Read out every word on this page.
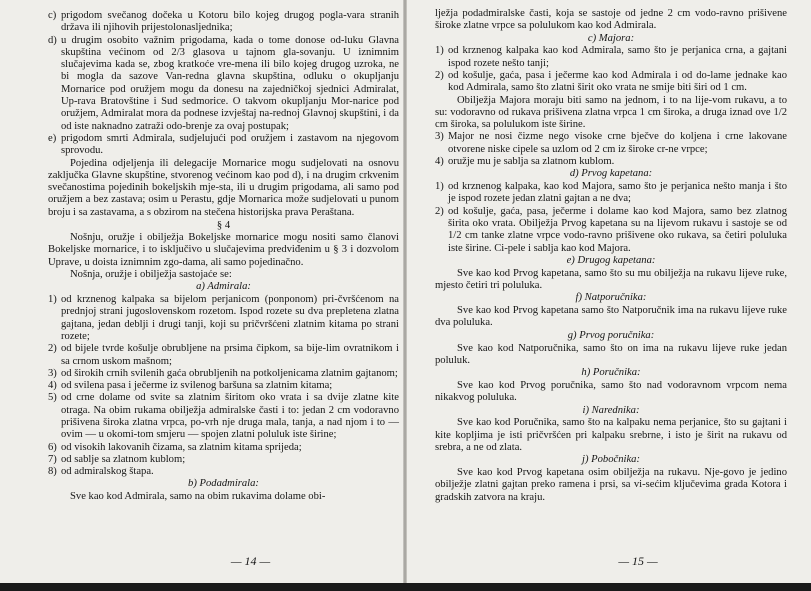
c) prigodom svečanog dočeka u Kotoru bilo kojeg drugog pogla-vara stranih država ili njihovih prijestolonasljednika;
d) u drugim osobito važnim prigodama, kada o tome donose od-luku Glavna skupština većinom od 2/3 glasova u tajnom gla-sovanju. U iznimnim slučajevima kada se, zbog kratkoće vre-mena ili bilo kojeg drugog uzroka, ne bi mogla da sazove Van-redna glavna skupština, odluku o okupljanju Mornarice pod oružjem mogu da donesu na zajedničkoj sjednici Admiralat, Up-rava Bratovštine i Sud sedmorice. O takvom okupljanju Mor-narice pod oružjem, Admiralat mora da podnese izvještaj na-rednoj Glavnoj skupštini, i da od iste naknadno zatraži odo-brenje za ovaj postupak;
e) prigodom smrti Admirala, sudjelujući pod oružjem i zastavom na njegovom sprovodu.

Pojedina odjeljenja ili delegacije Mornarice mogu sudjelovati na osnovu zaključka Glavne skupštine, stvorenog većinom kao pod d), i na drugim crkvenim svečanostima pojedinih bokeljskih mje-sta, ili u drugim prigodama, ali samo pod oružjem a bez zastava; osim u Perastu, gdje Mornarica može sudjelovati u punom broju i sa zastavama, a s obzirom na stečena historijska prava Peraštana.

§ 4

Nošnju, oružje i obilježja Bokeljske mornarice mogu nositi samo članovi Bokeljske mornarice, i to isključivo u slučajevima predviđenim u § 3 i dozvolom Uprave, u doista iznimnim zgo-dama, ali samo pojedinačno.

Nošnja, oružje i obilježja sastojaće se:

a) Admirala:

1) od krznenog kalpaka sa bijelom perjanicom (ponponom) pri-čvršćenom na prednjoj strani jugoslovenskom rozetom. Ispod rozete su dva prepletena zlatna gajtana, jedan deblji i drugi tanji, koji su pričvršćeni zlatnim kitama po strani rozete;
2) od bijele tvrde košulje obrubljene na prsima čipkom, sa bije-lim ovratnikom i sa crnom uskom mašnom;
3) od širokih crnih svilenih gaća obrubljenih na potkoljenicama zlatnim gajtanom;
4) od svilena pasa i ječerme iz svilenog baršuna sa zlatnim kitama;
5) od crne dolame od svite sa zlatnim širitom oko vrata i sa dvije zlatne kite otraga. Na obim rukama obilježja admiralske časti i to: jedan 2 cm vodoravno prišivena široka zlatna vrpca, po-vrh nje druga mala, tanja, a nad njom i to — ovim — u okomi-tom smjeru — spojen zlatni poluluk iste širine;
6) od visokih lakovanih čizama, sa zlatnim kitama sprijeda;
7) od sablje sa zlatnom kublom;
8) od admiralskog štapa.

b) Podadmirala:

Sve kao kod Admirala, samo na obim rukavima dolame obi-

— 14 —

lježja podadmiralske časti, koja se sastoje od jedne 2 cm vodo-ravno prišivene široke zlatne vrpce sa polulukom kao kod Admirala.

c) Majora:

1) od krznenog kalpaka kao kod Admirala, samo što je perjanica crna, a gajtani ispod rozete nešto tanji;
2) od košulje, gaća, pasa i ječerme kao kod Admirala i od do-lame jednake kao kod Admirala, samo što zlatni širit oko vrata ne smije biti širi od 1 cm.

Obilježja Majora moraju biti samo na jednom, i to na lije-vom rukavu, a to su: vodoravno od rukava prišivena zlatna vrpca 1 cm široka, a druga iznad ove 1/2 cm široka, sa polulukom iste širine.

3) Major ne nosi čizme nego visoke crne bječve do koljena i crne lakovane otvorene niske cipele sa uzlom od 2 cm iz široke cr-ne vrpce;
4) oružje mu je sablja sa zlatnom kublom.

d) Prvog kapetana:

1) od krznenog kalpaka, kao kod Majora, samo što je perjanica nešto manja i što je ispod rozete jedan zlatni gajtan a ne dva;
2) od košulje, gaća, pasa, ječerme i dolame kao kod Majora, samo bez zlatnog širita oko vrata. Obilježja Prvog kapetana su na lijevom rukavu i sastoje se od 1/2 cm tanke zlatne vrpce vodo-ravno prišivene oko rukava, sa četiri poluluka iste širine. Ci-pele i sablja kao kod Majora.

e) Drugog kapetana:

Sve kao kod Prvog kapetana, samo što su mu obilježja na rukavu lijeve ruke, mjesto četiri tri poluluka.

f) Natporučnika:

Sve kao kod Prvog kapetana samo što Natporučnik ima na rukavu lijeve ruke dva poluluka.

g) Prvog poručnika:

Sve kao kod Natporučnika, samo što on ima na rukavu lijeve ruke jedan poluluk.

h) Poručnika:

Sve kao kod Prvog poručnika, samo što nad vodoravnom vrpcom nema nikakvog poluluka.

i) Narednika:

Sve kao kod Poručnika, samo što na kalpaku nema perjanice, što su gajtani i kite kopljima je isti pričvršćen pri kalpaku srebrne, i isto je širit na rukavu od srebra, a ne od zlata.

j) Pobočnika:

Sve kao kod Prvog kapetana osim obilježja na rukavu. Nje-govo je jedino obilježje zlatni gajtan preko ramena i prsi, sa vi-sećim ključevima grada Kotora i gradskih zatvora na kraju.

— 15 —
